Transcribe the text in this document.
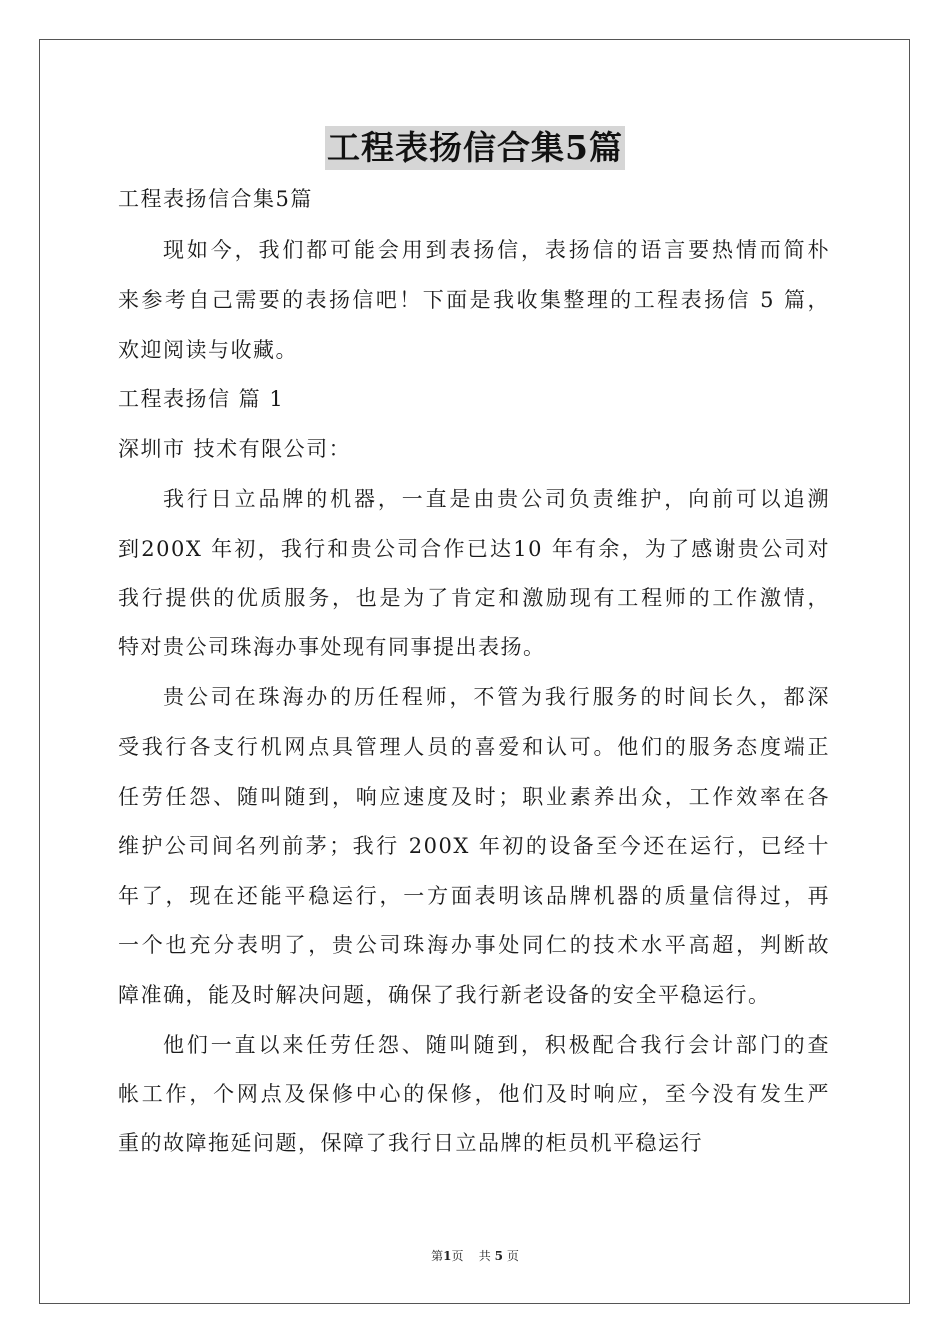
工程表扬信合集5篇
工程表扬信合集5篇
现如今，我们都可能会用到表扬信，表扬信的语言要热情而简朴
来参考自己需要的表扬信吧！下面是我收集整理的工程表扬信 5 篇，
欢迎阅读与收藏。
工程表扬信 篇 1
深圳市 技术有限公司：
我行日立品牌的机器，一直是由贵公司负责维护，向前可以追溯
到200X 年初，我行和贵公司合作已达10 年有余，为了感谢贵公司对
我行提供的优质服务，也是为了肯定和激励现有工程师的工作激情，
特对贵公司珠海办事处现有同事提出表扬。
贵公司在珠海办的历任程师，不管为我行服务的时间长久，都深
受我行各支行机网点具管理人员的喜爱和认可。他们的服务态度端正
任劳任怨、随叫随到，响应速度及时；职业素养出众，工作效率在各
维护公司间名列前茅；我行 200X 年初的设备至今还在运行，已经十
年了，现在还能平稳运行，一方面表明该品牌机器的质量信得过，再
一个也充分表明了，贵公司珠海办事处同仁的技术水平高超，判断故
障准确，能及时解决问题，确保了我行新老设备的安全平稳运行。
他们一直以来任劳任怨、随叫随到，积极配合我行会计部门的查
帐工作，个网点及保修中心的保修，他们及时响应，至今没有发生严
重的故障拖延问题，保障了我行日立品牌的柜员机平稳运行
第1页 共 5 页
